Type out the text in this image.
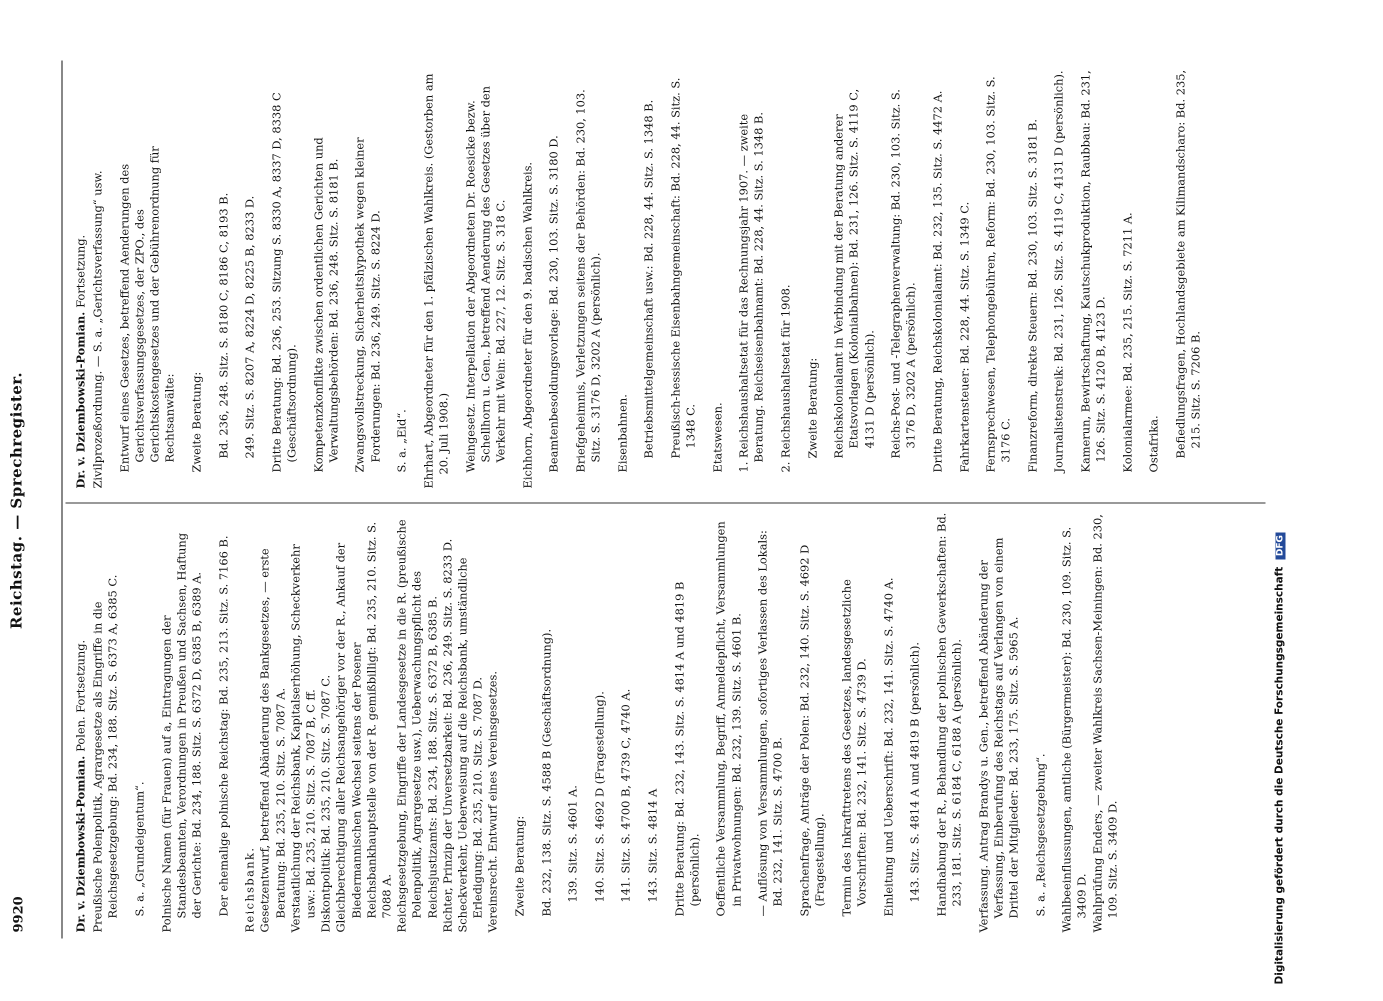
9920
Reichstag. — Sprechregister.
Dr. v. Dziembowski-Pomian. Polen. Fortsetzung. Preußische Polenpolitik, Agrargesetze als Eingriffe in die Reichsgesetzgebung: Bd. 234, 188. Sitz. S. 6373 A, 6385 C. S. a. „Grundeigentum“. Polnische Namen (für Frauen) auf a, Eintragungen der Standesbeamten, Verordnungen in Preußen und Sachsen, Haftung der Gerichte: Bd. 234, 188. Sitz. S. 6372 D, 6385 B, 6389 A. Der ehemalige polnische Reichstag: Bd. 235, 213. Sitz. S. 7166 B. Reichsbank. Gesetzentwurf, betreffend Abänderung des Bankgesetzes, — erste Beratung: Bd. 235, 210. Sitz. S. 7087 A. Verstaatlichung der Reichsbank, Kapitalserhöhung, Scheckverkehr usw.: Bd. 235, 210. Sitz. S. 7087 B, C ff. Diskontpolitik: Bd. 235, 210. Sitz. S. 7087 C. Gleichberechtigung aller Reichsangehöriger vor der R., Ankauf der Biedermannischen Wechsel seitens der Posener Reichsbankhauptstelle von der R. gemißbilligt: Bd. 235, 210. Sitz. S. 7088 A. Reichsgesetzgebung, Eingriffe der Landesgesetze in die R. (preußische Polenpolitik, Agrargesetze usw.), Ueberwachungspflicht des Reichsjustizamts: Bd. 234, 188. Sitz. S. 6372 B, 6385 B. Richter, Prinzip der Unversetzbarkeit: Bd. 236, 249. Sitz. S. 8233 D. Scheckverkehr, Ueberweisung auf die Reichsbank, umständliche Erledigung: Bd. 235, 210. Sitz. S. 7087 D. Vereinsrecht. Entwurf eines Vereinsgesetzes. Zweite Beratung: Bd. 232, 138. Sitz. S. 4588 B (Geschäftsordnung). 139. Sitz. S. 4601 A. 140. Sitz. S. 4692 D (Fragestellung). 141. Sitz. S. 4700 B, 4739 C, 4740 A. 143. Sitz. S. 4814 A Dritte Beratung: Bd. 232, 143. Sitz. S. 4814 A und 4819 B (persönlich). Oeffentliche Versammlung, Begriff, Anmeldepflicht, Versammlungen in Privatwohnungen: Bd. 232, 139. Sitz. S. 4601 B. — Auflösung von Versammlungen, sofortiges Verlassen des Lokals: Bd. 232, 141. Sitz. S. 4700 B. Sprachenfrage, Anträge der Polen: Bd. 232, 140. Sitz. S. 4692 D (Fragestellung). Termin des Inkrafttretens des Gesetzes, landesgesetzliche Vorschriften: Bd. 232, 141. Sitz. S. 4739 D. Einleitung und Ueberschrift: Bd. 232, 141. Sitz. S. 4740 A. 143. Sitz. S. 4814 A und 4819 B (persönlich). Handhabung der R., Behandlung der polnischen Gewerkschaften: Bd. 233, 181. Sitz. S. 6184 C, 6188 A (persönlich). Verfassung. Antrag Brandys u. Gen., betreffend Abänderung der Verfassung, Einberufung des Reichstags auf Verlangen von einem Drittel der Mitglieder: Bd. 233, 175. Sitz. S. 5965 A. S. a. „Reichsgesetzgebung“. Wahlbeeinflussungen, amtliche (Bürgermeister): Bd. 230, 109. Sitz. S. 3409 D. Wahlprüfung Enders, — zweiter Wahlkreis Sachsen-Meiningen: Bd. 230, 109. Sitz. S. 3409 D.

Dr. v. Dziembowski-Pomian. Fortsetzung. Zivilprozeßordnung. — S. a. „Gerichtsverfassung“ usw. Entwurf eines Gesetzes, betreffend Aenderungen des Gerichtsverfassungsgesetzes, der ZPO., des Gerichtskostengesetzes und der Gebührenordnung für Rechtsanwälte: Zweite Beratung: Bd. 236, 248. Sitz. S. 8180 C, 8186 C, 8193 B. 249. Sitz. S. 8207 A, 8224 D, 8225 B, 8233 D. Dritte Beratung: Bd. 236, 253. Sitzung S. 8330 A, 8337 D, 8338 C (Geschäftsordnung). Kompetenzkonflikte zwischen ordentlichen Gerichten und Verwaltungsbehörden: Bd. 236, 248. Sitz. S. 8181 B. Zwangsvollstreckung, Sicherheitshypothek wegen kleiner Forderungen: Bd. 236, 249. Sitz. S. 8224 D. S. a. „Eid“. Ehrhart, Abgeordneter für den 1. pfälzischen Wahlkreis. (Gestorben am 20. Juli 1908.) Weingesetz. Interpellation der Abgeordneten Dr. Roesicke bezw. Schellhorn u. Gen., betreffend Aenderung des Gesetzes über den Verkehr mit Wein: Bd. 227, 12. Sitz. S. 318 C. Eichhorn, Abgeordneter für den 9. badischen Wahlkreis. Beamtenbesoldungsvorlage: Bd. 230, 103. Sitz. S. 3180 D. Briefgeheimnis, Verletzungen seitens der Behörden: Bd. 230, 103. Sitz. S. 3176 D, 3202 A (persönlich). Eisenbahnen. Betriebsmittelgemeinschaft usw.: Bd. 228, 44. Sitz. S. 1348 B. Preußisch-hessische Eisenbahngemeinschaft: Bd. 228, 44. Sitz. S. 1348 C. Etatswesen. 1. Reichshaushaltsetat für das Rechnungsjahr 1907. — zweite Beratung. Reichseisenbahnamt: Bd. 228, 44. Sitz. S. 1348 B. 2. Reichshaushaltsetat für 1908. Zweite Beratung: Reichskolonialamt in Verbindung mit der Beratung anderer Etatsvorlagen (Kolonialbahnen): Bd. 231, 126. Sitz. S. 4119 C, 4131 D (persönlich). Reichs-Post- und -Telegraphenverwaltung: Bd. 230, 103. Sitz. S. 3176 D, 3202 A (persönlich). Dritte Beratung, Reichskolonialamt: Bd. 232, 135. Sitz. S. 4472 A. Fahrkartensteuer: Bd. 228, 44. Sitz. S. 1349 C. Fernsprechwesen, Telephongebühren, Reform: Bd. 230, 103. Sitz. S. 3176 C. Finanzreform, direkte Steuern: Bd. 230, 103. Sitz. S. 3181 B. Journalistenstreik: Bd. 231, 126. Sitz. S. 4119 C, 4131 D (persönlich). Kamerun, Bewirtschaftung, Kautschukproduktion, Raubbau: Bd. 231, 126. Sitz. S. 4120 B, 4123 D. Kolonialarmee: Bd. 235, 215. Sitz. S. 7211 A. Ostafrika. Befiedlungsfragen, Hochlandsgebiete am Kilimandscharo: Bd. 235, 215. Sitz. S. 7206 B.

Digitalisierung gefördert durch die Deutsche Forschungsgemeinschaft DFG
